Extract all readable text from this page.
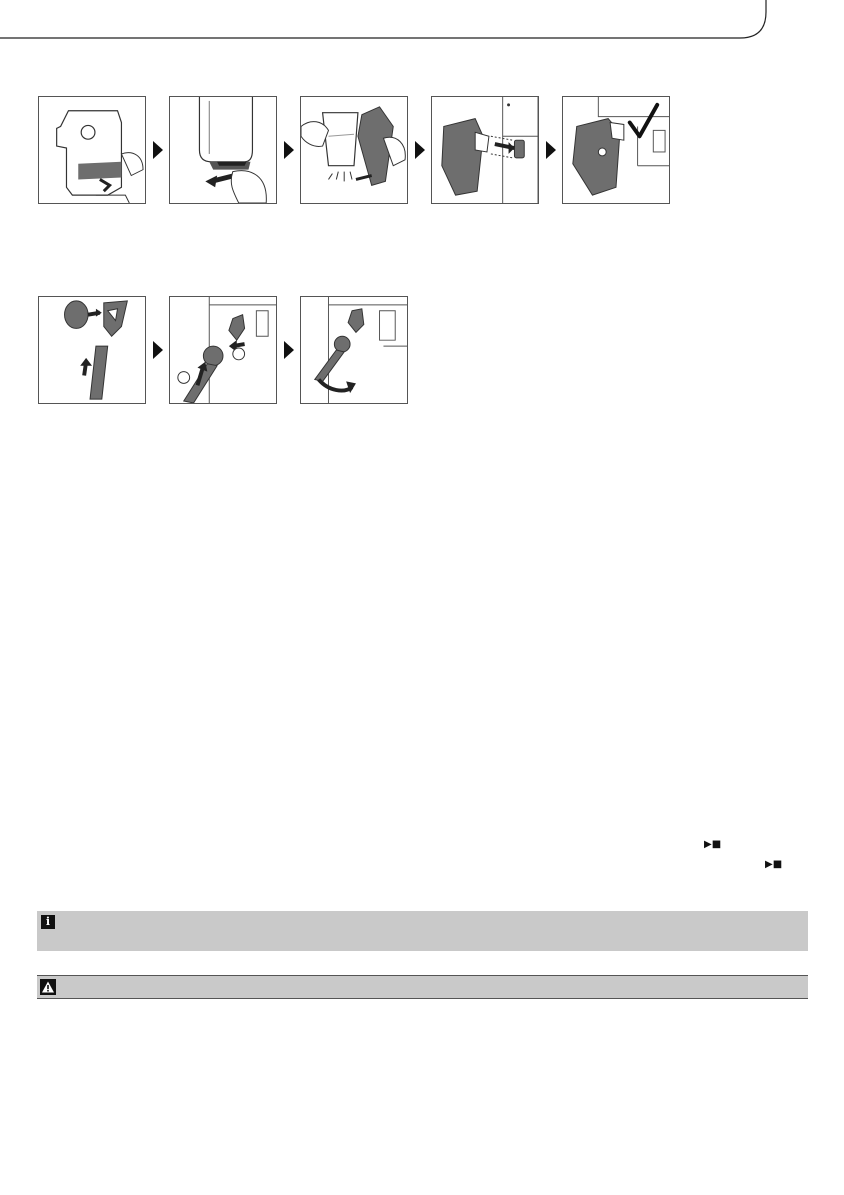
▶■
▶■
i
